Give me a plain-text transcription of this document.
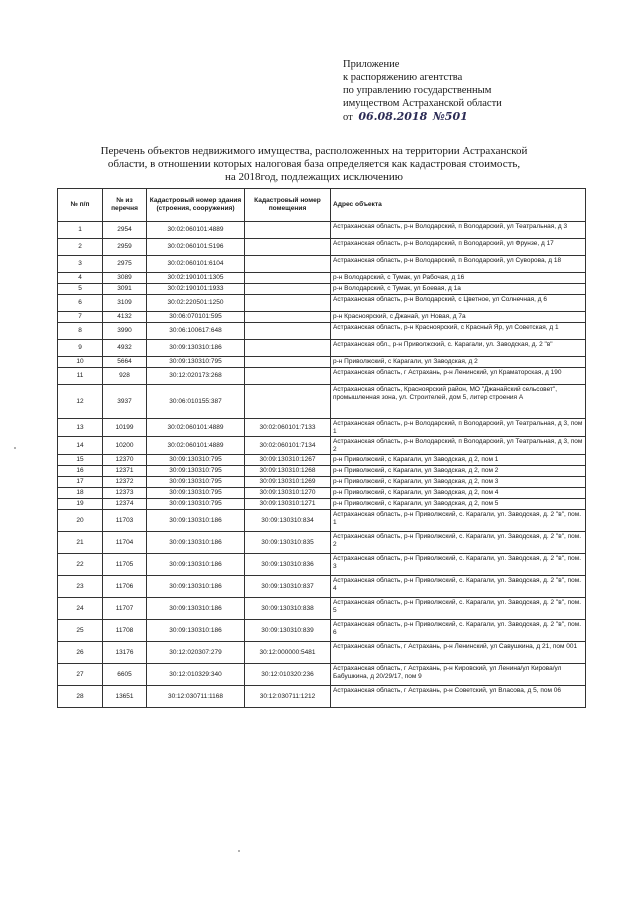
Приложение
к распоряжению агентства
по управлению государственным
имуществом Астраханской области
от 06.08.2018 №501
Перечень объектов недвижимого имущества, расположенных на территории Астраханской
области, в отношении которых налоговая база определяется как кадастровая стоимость,
на 2018год, подлежащих исключению
№ п/п	№ из перечня	Кадастровый номер здания (строения, сооружения)	Кадастровый номер помещения	Адрес объекта
1	2954	30:02:060101:4889		Астраханская область, р-н Володарский, п Володарский, ул Театральная, д 3
2	2959	30:02:060101:5196		Астраханская область, р-н Володарский, п Володарский, ул Фрунзе, д 17
3	2975	30:02:060101:6104		Астраханская область, р-н Володарский, п Володарский, ул Суворова, д 18
4	3089	30:02:190101:1305		р-н Володарский, с Тумак, ул Рабочая, д 16
5	3091	30:02:190101:1933		р-н Володарский, с Тумак, ул Боевая, д 1а
6	3109	30:02:220501:1250		Астраханская область, р-н Володарский, с Цветное, ул Солнечная, д 6
7	4132	30:06:070101:595		р-н Красноярский, с Джанай, ул Новая, д 7а
8	3990	30:06:100617:648		Астраханская область, р-н Красноярский, с Красный Яр, ул Советская, д 1
9	4932	30:09:130310:186		Астраханская обл., р-н Приволжский, с. Карагали, ул. Заводская, д. 2 "в"
10	5664	30:09:130310:795		р-н Приволжский, с Карагали, ул Заводская, д 2
11	928	30:12:020173:268		Астраханская область, г Астрахань, р-н Ленинский, ул Краматорская, д 190
12	3937	30:06:010155:387		Астраханская область, Красноярский район, МО "Джанайский сельсовет", промышленная зона, ул. Строителей, дом 5, литер строения А
13	10199	30:02:060101:4889	30:02:060101:7133	Астраханская область, р-н Володарский, п Володарский, ул Театральная, д 3, пом 1
14	10200	30:02:060101:4889	30:02:060101:7134	Астраханская область, р-н Володарский, п Володарский, ул Театральная, д 3, пом 2
15	12370	30:09:130310:795	30:09:130310:1267	р-н Приволжский, с Карагали, ул Заводская, д 2, пом 1
16	12371	30:09:130310:795	30:09:130310:1268	р-н Приволжский, с Карагали, ул Заводская, д 2, пом 2
17	12372	30:09:130310:795	30:09:130310:1269	р-н Приволжский, с Карагали, ул Заводская, д 2, пом 3
18	12373	30:09:130310:795	30:09:130310:1270	р-н Приволжский, с Карагали, ул Заводская, д 2, пом 4
19	12374	30:09:130310:795	30:09:130310:1271	р-н Приволжский, с Карагали, ул Заводская, д 2, пом 5
20	11703	30:09:130310:186	30:09:130310:834	Астраханская область, р-н Приволжский, с. Карагали, ул. Заводская, д. 2 "в", пом. 1
21	11704	30:09:130310:186	30:09:130310:835	Астраханская область, р-н Приволжский, с. Карагали, ул. Заводская, д. 2 "в", пом. 2
22	11705	30:09:130310:186	30:09:130310:836	Астраханская область, р-н Приволжский, с. Карагали, ул. Заводская, д. 2 "в", пом. 3
23	11706	30:09:130310:186	30:09:130310:837	Астраханская область, р-н Приволжский, с. Карагали, ул. Заводская, д. 2 "в", пом. 4
24	11707	30:09:130310:186	30:09:130310:838	Астраханская область, р-н Приволжский, с. Карагали, ул. Заводская, д. 2 "в", пом. 5
25	11708	30:09:130310:186	30:09:130310:839	Астраханская область, р-н Приволжский, с. Карагали, ул. Заводская, д. 2 "в", пом. 6
26	13176	30:12:020307:279	30:12:000000:5481	Астраханская область, г Астрахань, р-н Ленинский, ул Савушкина, д 21, пом 001
27	6605	30:12:010329:340	30:12:010320:236	Астраханская область, г Астрахань, р-н Кировский, ул Ленина/ул Кирова/ул Бабушкина, д 20/29/17, пом 9
28	13651	30:12:030711:1168	30:12:030711:1212	Астраханская область, г Астрахань, р-н Советский, ул Власова, д 5, пом 06
